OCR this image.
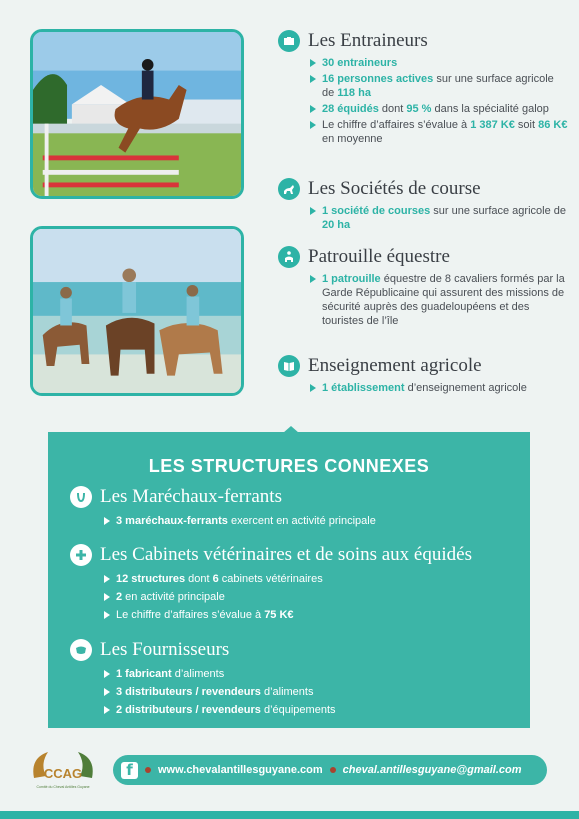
Les Entraineurs
30 entraineurs
16 personnes actives sur une surface agricole de 118 ha
28 équidés dont 95 % dans la spécialité galop
Le chiffre d’affaires s’évalue à 1 387 K€ soit 86 K€ en moyenne
Les Sociétés de course
1 société de courses sur une surface agricole de 20 ha
Patrouille équestre
1 patrouille équestre de 8 cavaliers formés par la Garde Républicaine qui assurent des missions de sécurité auprès des guadeloupéens et des touristes de l’île
Enseignement agricole
1 établissement d’enseignement agricole
LES STRUCTURES CONNEXES
Les Maréchaux-ferrants
3 maréchaux-ferrants exercent en activité principale
Les Cabinets vétérinaires et de soins aux équidés
12 structures dont 6 cabinets vétérinaires
2 en activité principale
Le chiffre d’affaires s’évalue à 75 K€
Les Fournisseurs
1 fabricant d’aliments
3 distributeurs / revendeurs d’aliments
2 distributeurs / revendeurs d’équipements
CCAG
Comité du Cheval Antilles Guyane
f	www.chevalantillesguyane.com cheval.antillesguyane@gmail.com
